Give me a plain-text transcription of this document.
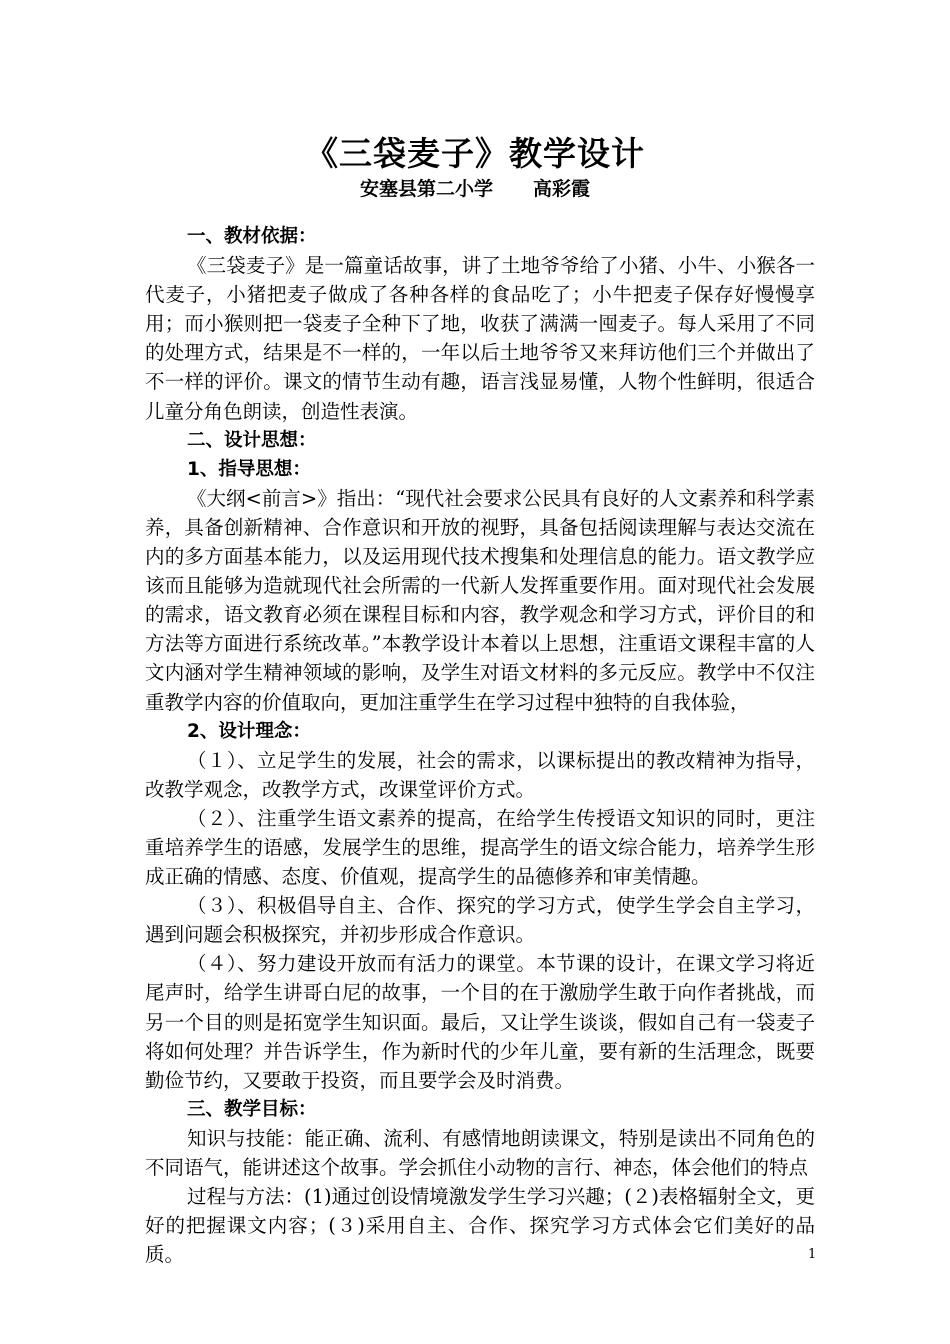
《三袋麦子》教学设计
安塞县第二小学 高彩霞

一、教材依据：

《三袋麦子》是一篇童话故事，讲了土地爷爷给了小猪、小牛、小猴各一代麦子，小猪把麦子做成了各种各样的食品吃了；小牛把麦子保存好慢慢享用；而小猴则把一袋麦子全种下了地，收获了满满一囤麦子。每人采用了不同的处理方式，结果是不一样的，一年以后土地爷爷又来拜访他们三个并做出了不一样的评价。课文的情节生动有趣，语言浅显易懂，人物个性鲜明，很适合儿童分角色朗读，创造性表演。

二、设计思想：

1、指导思想：

《大纲<前言>》指出：“现代社会要求公民具有良好的人文素养和科学素养，具备创新精神、合作意识和开放的视野，具备包括阅读理解与表达交流在内的多方面基本能力，以及运用现代技术搜集和处理信息的能力。语文教学应该而且能够为造就现代社会所需的一代新人发挥重要作用。面对现代社会发展的需求，语文教育必须在课程目标和内容，教学观念和学习方式，评价目的和方法等方面进行系统改革。”本教学设计本着以上思想，注重语文课程丰富的人文内涵对学生精神领域的影响，及学生对语文材料的多元反应。教学中不仅注重教学内容的价值取向，更加注重学生在学习过程中独特的自我体验，

2、设计理念：

（１）、立足学生的发展，社会的需求，以课标提出的教改精神为指导，改教学观念，改教学方式，改课堂评价方式。

（２）、注重学生语文素养的提高，在给学生传授语文知识的同时，更注重培养学生的语感，发展学生的思维，提高学生的语文综合能力，培养学生形成正确的情感、态度、价值观，提高学生的品德修养和审美情趣。

（３）、积极倡导自主、合作、探究的学习方式，使学生学会自主学习，遇到问题会积极探究，并初步形成合作意识。

（４）、努力建设开放而有活力的课堂。本节课的设计，在课文学习将近尾声时，给学生讲哥白尼的故事，一个目的在于激励学生敢于向作者挑战，而另一个目的则是拓宽学生知识面。最后，又让学生谈谈，假如自己有一袋麦子将如何处理？并告诉学生，作为新时代的少年儿童，要有新的生活理念，既要勤俭节约，又要敢于投资，而且要学会及时消费。

三、教学目标：

知识与技能：能正确、流利、有感情地朗读课文，特别是读出不同角色的不同语气，能讲述这个故事。学会抓住小动物的言行、神态，体会他们的特点

过程与方法：(1)通过创设情境激发学生学习兴趣；(２)表格辐射全文，更好的把握课文内容；(３)采用自主、合作、探究学习方式体会它们美好的品质。	1
